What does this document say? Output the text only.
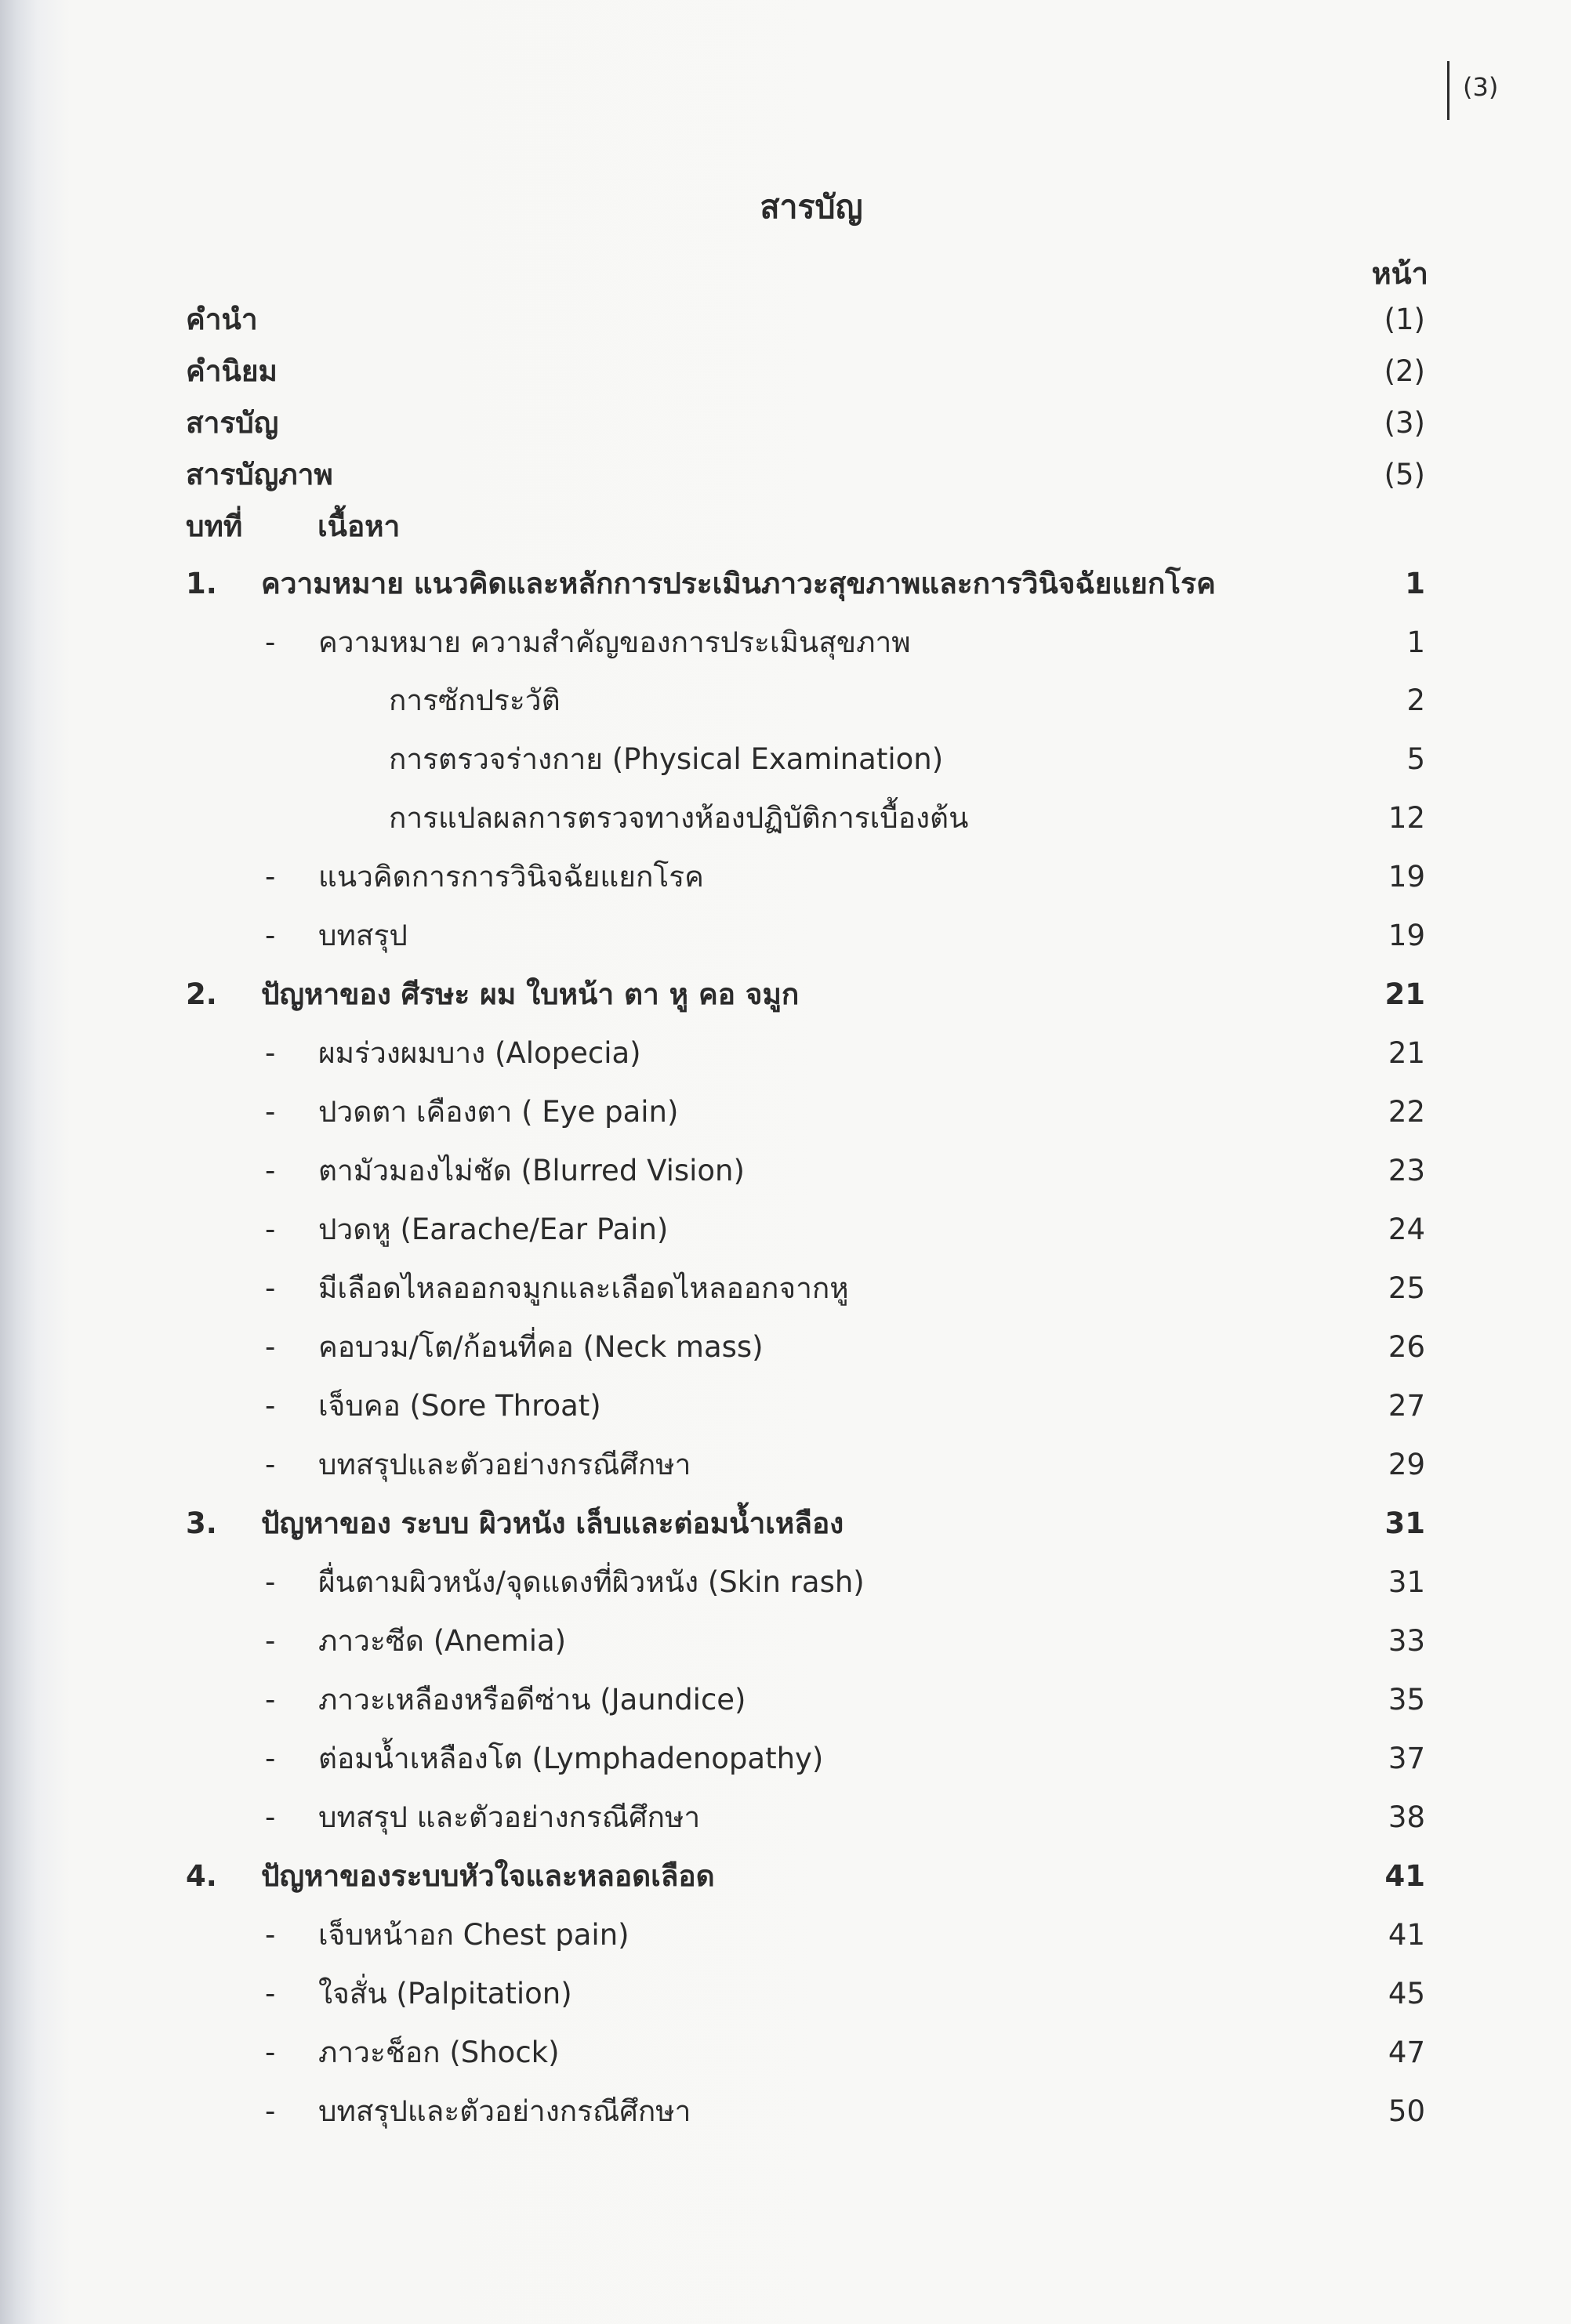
(3)
สารบัญ
หน้า
คำนำ	(1)
คำนิยม	(2)
สารบัญ	(3)
สารบัญภาพ	(5)
บทที่	เนื้อหา
1. ความหมาย แนวคิดและหลักการประเมินภาวะสุขภาพและการวินิจฉัยแยกโรค	1
- ความหมาย ความสำคัญของการประเมินสุขภาพ	1
การซักประวัติ	2
การตรวจร่างกาย (Physical Examination)	5
การแปลผลการตรวจทางห้องปฏิบัติการเบื้องต้น	12
- แนวคิดการการวินิจฉัยแยกโรค	19
- บทสรุป	19
2. ปัญหาของ ศีรษะ ผม ใบหน้า ตา หู คอ จมูก	21
- ผมร่วงผมบาง (Alopecia)	21
- ปวดตา เคืองตา ( Eye pain)	22
- ตามัวมองไม่ชัด (Blurred Vision)	23
- ปวดหู (Earache/Ear Pain)	24
- มีเลือดไหลออกจมูกและเลือดไหลออกจากหู	25
- คอบวม/โต/ก้อนที่คอ (Neck mass)	26
- เจ็บคอ (Sore Throat)	27
- บทสรุปและตัวอย่างกรณีศึกษา	29
3. ปัญหาของ ระบบ ผิวหนัง เล็บและต่อมน้ำเหลือง	31
- ผื่นตามผิวหนัง/จุดแดงที่ผิวหนัง (Skin rash)	31
- ภาวะซีด (Anemia)	33
- ภาวะเหลืองหรือดีซ่าน (Jaundice)	35
- ต่อมน้ำเหลืองโต (Lymphadenopathy)	37
- บทสรุป และตัวอย่างกรณีศึกษา	38
4. ปัญหาของระบบหัวใจและหลอดเลือด	41
- เจ็บหน้าอก Chest pain)	41
- ใจสั่น (Palpitation)	45
- ภาวะช็อก (Shock)	47
- บทสรุปและตัวอย่างกรณีศึกษา	50
